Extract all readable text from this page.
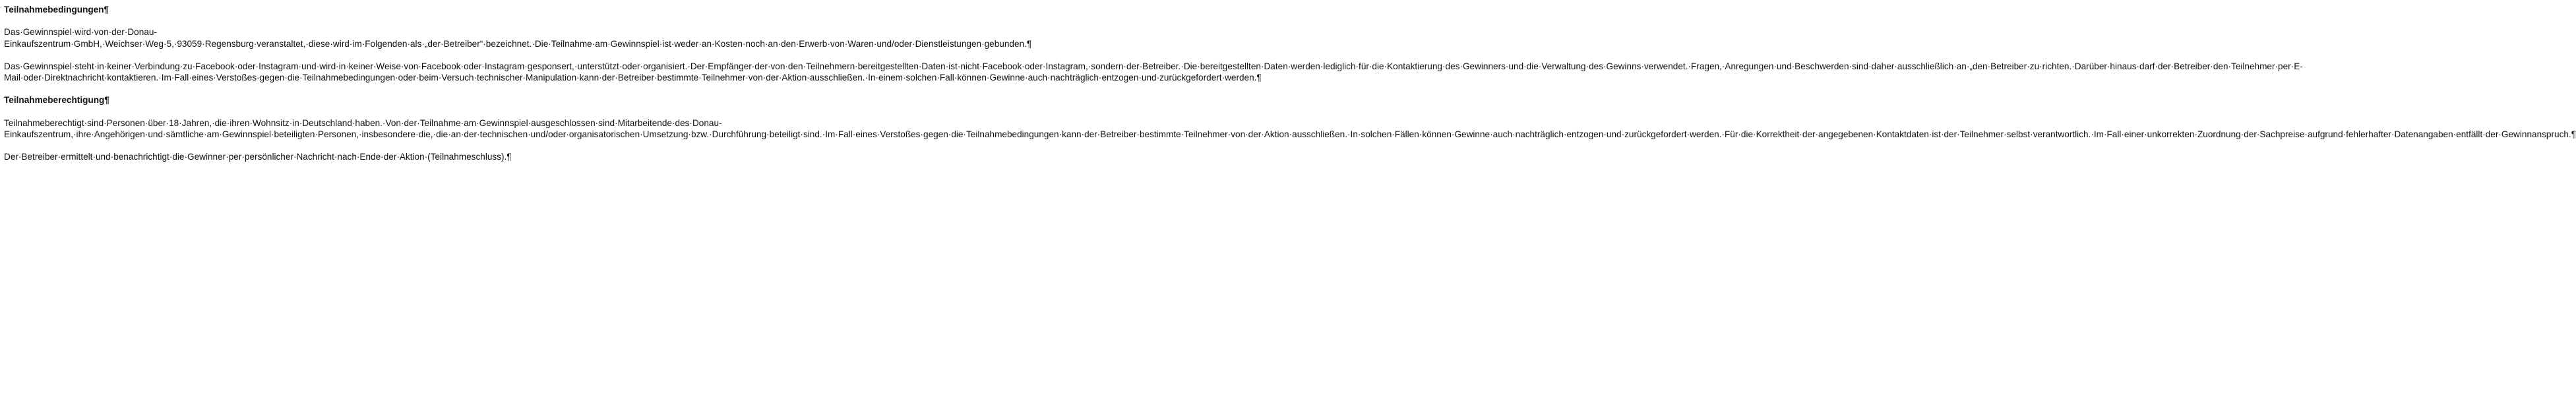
Teilnahmebedingungen¶

Das·Gewinnspiel·wird·von·der·Donau-Einkaufszentrum·GmbH,·Weichser·Weg·5,·93059·Regensburg·veranstaltet,·diese·wird·im·Folgenden·als·„der·Betreiber“·bezeichnet.·Die·Teilnahme·am·Gewinnspiel·ist·weder·an·Kosten·noch·an·den·Erwerb·von·Waren·und/oder·Dienstleistungen·gebunden.¶

Das·Gewinnspiel·steht·in·keiner·Verbindung·zu·Facebook·oder·Instagram·und·wird·in·keiner·Weise·von·Facebook·oder·Instagram·gesponsert,·unterstützt·oder·organisiert.·Der·Empfänger·der·von·den·Teilnehmern·bereitgestellten·Daten·ist·nicht·Facebook·oder·Instagram,·sondern·der·Betreiber.·Die·bereitgestellten·Daten·werden·lediglich·für·die·Kontaktierung·des·Gewinners·und·die·Verwaltung·des·Gewinns·verwendet.·Fragen,·Anregungen·und·Beschwerden·sind·daher·ausschließlich·an·„den·Betreiber·zu·richten.·Darüber·hinaus·darf·der·Betreiber·den·Teilnehmer·per·E-Mail·oder·Direktnachricht·kontaktieren.·Im·Fall·eines·Verstoßes·gegen·die·Teilnahmebedingungen·oder·beim·Versuch·technischer·Manipulation·kann·der·Betreiber·bestimmte·Teilnehmer·von·der·Aktion·ausschließen.·In·einem·solchen·Fall·können·Gewinne·auch·nachträglich·entzogen·und·zurückgefordert·werden.¶

Teilnahmeberechtigung¶

Teilnahmeberechtigt·sind·Personen·über·18·Jahren,·die·ihren·Wohnsitz·in·Deutschland·haben.·Von·der·Teilnahme·am·Gewinnspiel·ausgeschlossen·sind·Mitarbeitende·des·Donau-Einkaufszentrum,·ihre·Angehörigen·und·sämtliche·am·Gewinnspiel·beteiligten·Personen,·insbesondere·die,·die·an·der·technischen·und/oder·organisatorischen·Umsetzung·bzw.·Durchführung·beteiligt·sind.·Im·Fall·eines·Verstoßes·gegen·die·Teilnahmebedingungen·kann·der·Betreiber·bestimmte·Teilnehmer·von·der·Aktion·ausschließen.·In·solchen·Fällen·können·Gewinne·auch·nachträglich·entzogen·und·zurückgefordert·werden.·Für·die·Korrektheit·der·angegebenen·Kontaktdaten·ist·der·Teilnehmer·selbst·verantwortlich.·Im·Fall·einer·unkorrekten·Zuordnung·der·Sachpreise·aufgrund·fehlerhafter·Datenangaben·entfällt·der·Gewinnanspruch.¶

Der·Betreiber·ermittelt·und·benachrichtigt·die·Gewinner·per·persönlicher·Nachricht·nach·Ende·der·Aktion·(Teilnahmeschluss).¶
